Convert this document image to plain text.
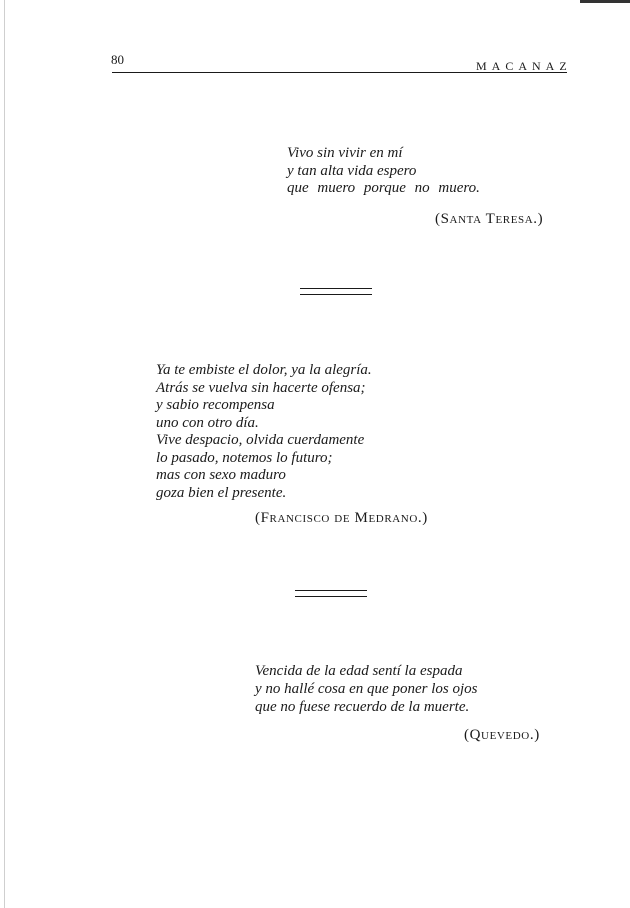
80	MACANAZ
Vivo sin vivir en mí
y tan alta vida espero
que muero porque no muero.
(Santa Teresa.)
Ya te embiste el dolor, ya la alegría.
Atrás se vuelva sin hacerte ofensa;
y sabio recompensa
uno con otro día.
Vive despacio, olvida cuerdamente
lo pasado, notemos lo futuro;
mas con sexo maduro
goza bien el presente.
(Francisco de Medrano.)
Vencida de la edad sentí la espada
y no hallé cosa en que poner los ojos
que no fuese recuerdo de la muerte.
(Quevedo.)
